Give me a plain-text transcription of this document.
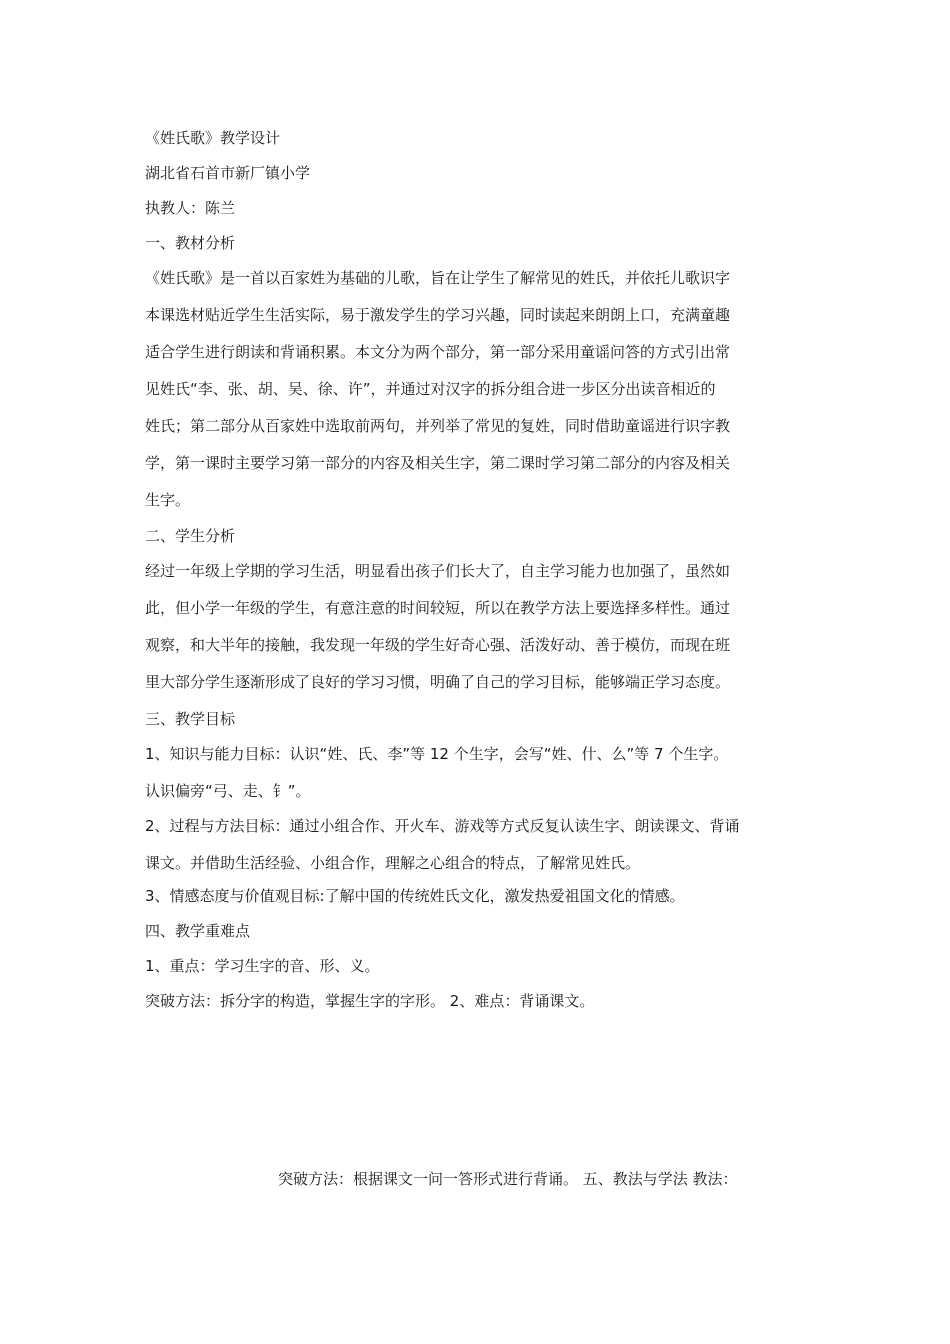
《姓氏歌》教学设计

湖北省石首市新厂镇小学

执教人：陈兰

一、教材分析

《姓氏歌》是一首以百家姓为基础的儿歌，旨在让学生了解常见的姓氏，并依托儿歌识字

本课选材贴近学生生活实际，易于激发学生的学习兴趣，同时读起来朗朗上口，充满童趣

适合学生进行朗读和背诵积累。本文分为两个部分，第一部分采用童谣问答的方式引出常

见姓氏“李、张、胡、吴、徐、许”，并通过对汉字的拆分组合进一步区分出读音相近的

姓氏；第二部分从百家姓中选取前两句，并列举了常见的复姓，同时借助童谣进行识字教

学，第一课时主要学习第一部分的内容及相关生字，第二课时学习第二部分的内容及相关

生字。

二、学生分析

经过一年级上学期的学习生活，明显看出孩子们长大了，自主学习能力也加强了，虽然如

此，但小学一年级的学生，有意注意的时间较短，所以在教学方法上要选择多样性。通过

观察，和大半年的接触，我发现一年级的学生好奇心强、活泼好动、善于模仿，而现在班

里大部分学生逐渐形成了良好的学习习惯，明确了自己的学习目标，能够端正学习态度。

三、教学目标

1、知识与能力目标：认识“姓、氏、李”等 12 个生字，会写“姓、什、么”等 7 个生字。

认识偏旁“弓、走、钅”。

2、过程与方法目标：通过小组合作、开火车、游戏等方式反复认读生字、朗读课文、背诵

课文。并借助生活经验、小组合作，理解之心组合的特点，了解常见姓氏。

3、情感态度与价值观目标:了解中国的传统姓氏文化，激发热爱祖国文化的情感。

四、教学重难点

1、重点：学习生字的音、形、义。

突破方法：拆分字的构造，掌握生字的字形。 2、难点：背诵课文。

突破方法：根据课文一问一答形式进行背诵。 五、教法与学法 教法：
